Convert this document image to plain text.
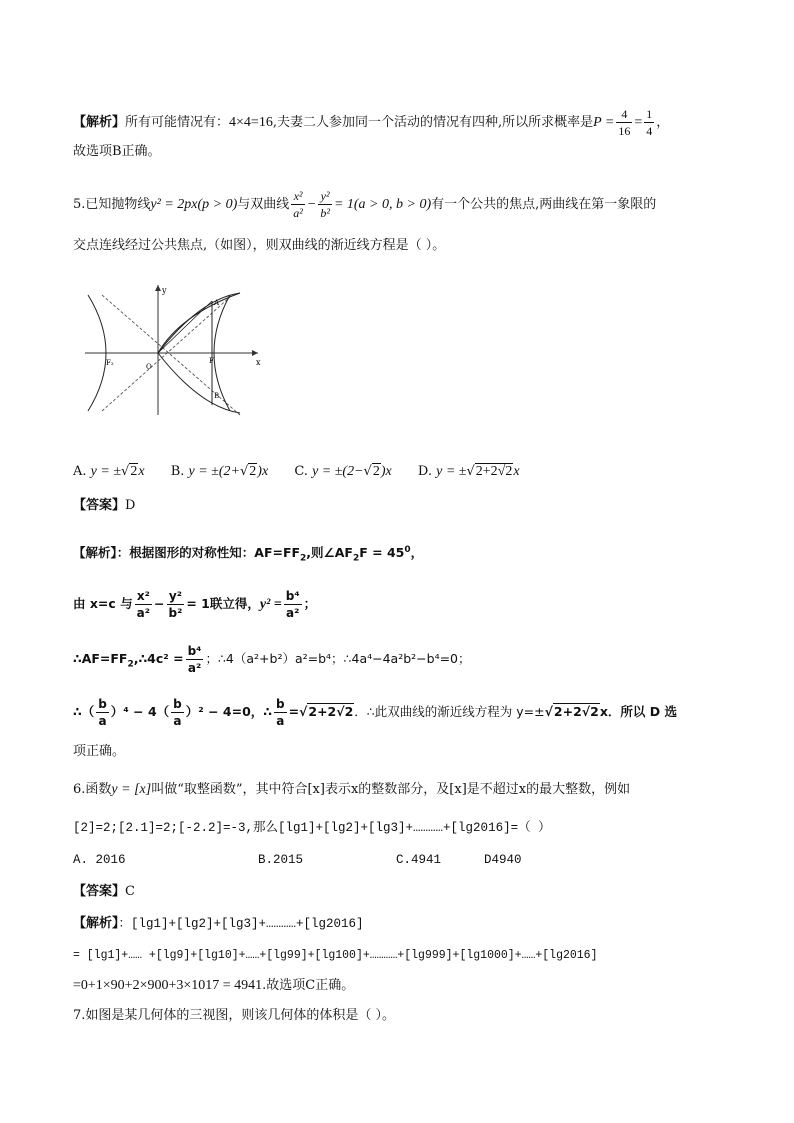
【解析】所有可能情况有：4×4=16,夫妻二人参加同一个活动的情况有四种,所以所求概率是$P = \frac{4}{16} = \frac{1}{4}$ ，
故选项B正确。
5.已知抛物线y² = 2px(p > 0)与双曲线 $\frac{\text{x²}}{\text{a²}} - \frac{\text{y²}}{\text{b²}} = 1(a > 0$, b > 0)有一个公共的焦点,两曲线在第一象限的
交点连线经过公共焦点,（如图），则双曲线的渐近线方程是（ ）。
y
x
A
B
F
O
F₂
A. y = ±√2x B. y = ±(2+√2)x C. y = ±(2−√2)x D. y = ±√2+2√2x
【答案】D
【解析】：根据图形的对称性知：$AF=FF_2$,则$\angle AF_2F = 45^0$，
由 x=c 与 $\frac{\text{x²}}{\text{a²}} - \frac{\text{y²}}{\text{b²}} = 1$联立得，$y^2 = \frac{\text{b⁴}}{\text{a²}}$ ；
$\therefore AF=FF_2,\therefore 4c^2 = \frac{\text{b⁴}}{\text{a²}}$ ；∴4（a²+b²）a²=b⁴；∴4a⁴−4a²b²−b⁴=0；
∴（ $\frac{b}{a} )^4 - 4( \frac{b}{a} )^2 - 4=0$，∴ $\frac{b}{a} =√2+2√2$．∴此双曲线的渐近线方程为 y=±√2+2√2x．所以 D 选
项正确。
6.函数y = [x]叫做“取整函数”，其中符合[x]表示x的整数部分，及[x]是不超过x的最大整数，例如
[2]=2;[2.1]=2;[-2.2]=-3,那么[lg1]+[lg2]+[lg3]+…………+[lg2016]=（ ）
A. 2016	B.2015	C.4941	D4940
【答案】C
【解析】：[lg1]+[lg2]+[lg3]+…………+[lg2016]
= [lg1]+…… +[lg9]+[lg10]+……+[lg99]+[lg100]+…………+[lg999]+[lg1000]+……+[lg2016]
=0+1×90+2×900+3×1017 = 4941.故选项C正确。
7.如图是某几何体的三视图，则该几何体的体积是（ ）。
